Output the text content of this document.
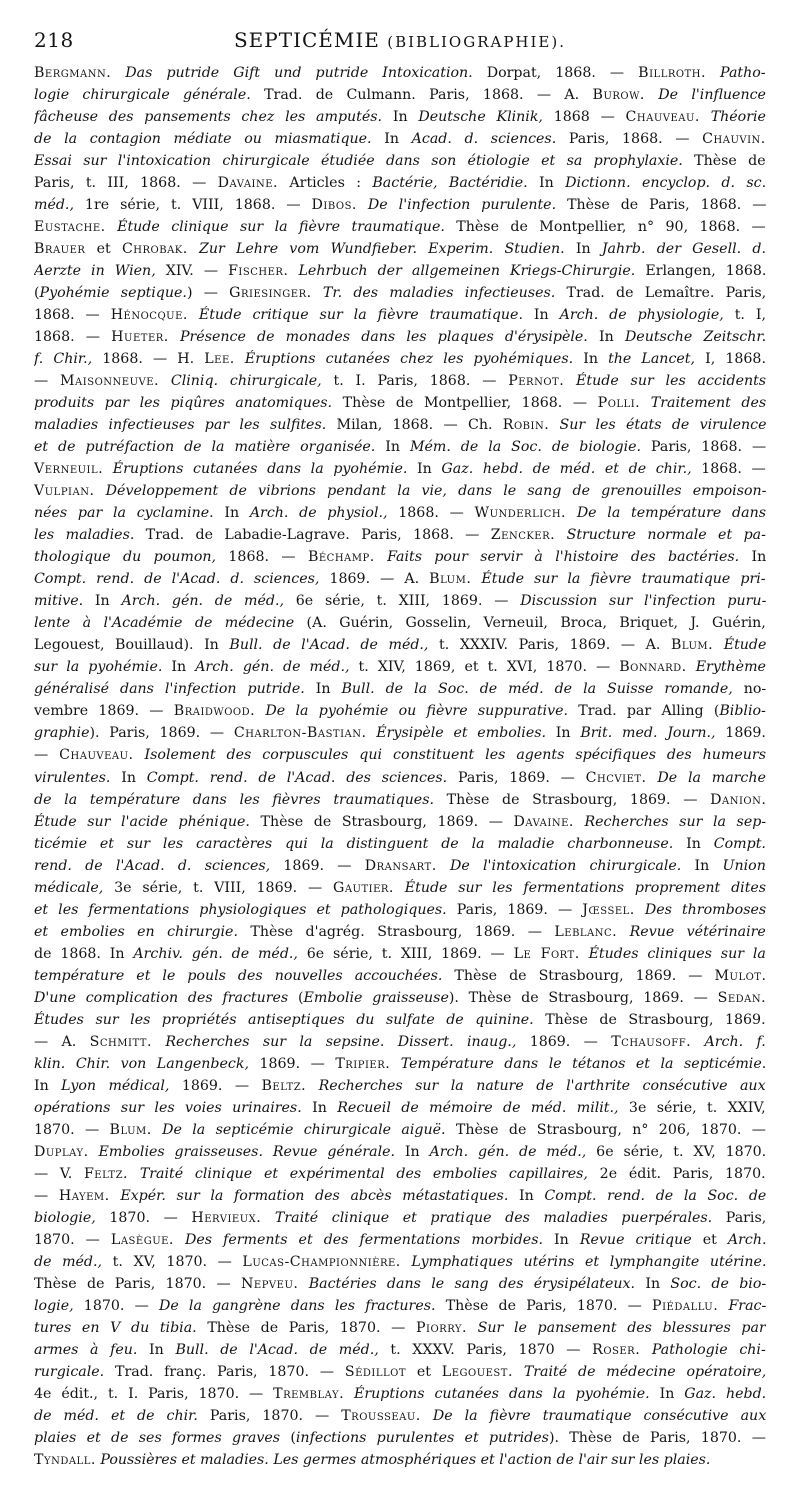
218	SEPTICÉMIE (BIBLIOGRAPHIE).
Bergmann. Das putride Gift und putride Intoxication. Dorpat, 1868. — Billroth. Patho-
logie chirurgicale générale. Trad. de Culmann. Paris, 1868. — A. Burow. De l'influence
fâcheuse des pansements chez les amputés. In Deutsche Klinik, 1868 — Chauveau. Théorie
de la contagion médiate ou miasmatique. In Acad. d. sciences. Paris, 1868. — Chauvin.
Essai sur l'intoxication chirurgicale étudiée dans son étiologie et sa prophylaxie. Thèse de
Paris, t. III, 1868. — Davaine. Articles : Bactérie, Bactéridie. In Dictionn. encyclop. d. sc.
méd., 1re série, t. VIII, 1868. — Dibos. De l'infection purulente. Thèse de Paris, 1868. —
Eustache. Étude clinique sur la fièvre traumatique. Thèse de Montpellier, n° 90, 1868. —
Brauer et Chrobak. Zur Lehre vom Wundfieber. Experim. Studien. In Jahrb. der Gesell. d.
Aerzte in Wien, XIV. — Fischer. Lehrbuch der allgemeinen Kriegs-Chirurgie. Erlangen, 1868.
(Pyohémie septique.) — Griesinger. Tr. des maladies infectieuses. Trad. de Lemaître. Paris,
1868. — Hénocque. Étude critique sur la fièvre traumatique. In Arch. de physiologie, t. I,
1868. — Hueter. Présence de monades dans les plaques d'érysipèle. In Deutsche Zeitschr.
f. Chir., 1868. — H. Lee. Éruptions cutanées chez les pyohémiques. In the Lancet, I, 1868.
— Maisonneuve. Cliniq. chirurgicale, t. I. Paris, 1868. — Pernot. Étude sur les accidents
produits par les piqûres anatomiques. Thèse de Montpellier, 1868. — Polli. Traitement des
maladies infectieuses par les sulfites. Milan, 1868. — Ch. Robin. Sur les états de virulence
et de putréfaction de la matière organisée. In Mém. de la Soc. de biologie. Paris, 1868. —
Verneuil. Éruptions cutanées dans la pyohémie. In Gaz. hebd. de méd. et de chir., 1868. —
Vulpian. Développement de vibrions pendant la vie, dans le sang de grenouilles empoison-
nées par la cyclamine. In Arch. de physiol., 1868. — Wunderlich. De la température dans
les maladies. Trad. de Labadie-Lagrave. Paris, 1868. — Zencker. Structure normale et pa-
thologique du poumon, 1868. — Béchamp. Faits pour servir à l'histoire des bactéries. In
Compt. rend. de l'Acad. d. sciences, 1869. — A. Blum. Étude sur la fièvre traumatique pri-
mitive. In Arch. gén. de méd., 6e série, t. XIII, 1869. — Discussion sur l'infection puru-
lente à l'Académie de médecine (A. Guérin, Gosselin, Verneuil, Broca, Briquet, J. Guérin,
Legouest, Bouillaud). In Bull. de l'Acad. de méd., t. XXXIV. Paris, 1869. — A. Blum. Étude
sur la pyohémie. In Arch. gén. de méd., t. XIV, 1869, et t. XVI, 1870. — Bonnard. Erythème
généralisé dans l'infection putride. In Bull. de la Soc. de méd. de la Suisse romande, no-
vembre 1869. — Braidwood. De la pyohémie ou fièvre suppurative. Trad. par Alling (Biblio-
graphie). Paris, 1869. — Charlton-Bastian. Érysipèle et embolies. In Brit. med. Journ., 1869.
— Chauveau. Isolement des corpuscules qui constituent les agents spécifiques des humeurs
virulentes. In Compt. rend. de l'Acad. des sciences. Paris, 1869. — Chcviet. De la marche
de la température dans les fièvres traumatiques. Thèse de Strasbourg, 1869. — Danion.
Étude sur l'acide phénique. Thèse de Strasbourg, 1869. — Davaine. Recherches sur la sep-
ticémie et sur les caractères qui la distinguent de la maladie charbonneuse. In Compt.
rend. de l'Acad. d. sciences, 1869. — Dransart. De l'intoxication chirurgicale. In Union
médicale, 3e série, t. VIII, 1869. — Gautier. Étude sur les fermentations proprement dites
et les fermentations physiologiques et pathologiques. Paris, 1869. — Jœssel. Des thromboses
et embolies en chirurgie. Thèse d'agrég. Strasbourg, 1869. — Leblanc. Revue vétérinaire
de 1868. In Archiv. gén. de méd., 6e série, t. XIII, 1869. — Le Fort. Études cliniques sur la
température et le pouls des nouvelles accouchées. Thèse de Strasbourg, 1869. — Mulot.
D'une complication des fractures (Embolie graisseuse). Thèse de Strasbourg, 1869. — Sedan.
Études sur les propriétés antiseptiques du sulfate de quinine. Thèse de Strasbourg, 1869.
— A. Schmitt. Recherches sur la sepsine. Dissert. inaug., 1869. — Tchausoff. Arch. f.
klin. Chir. von Langenbeck, 1869. — Tripier. Température dans le tétanos et la septicémie.
In Lyon médical, 1869. — Beltz. Recherches sur la nature de l'arthrite consécutive aux
opérations sur les voies urinaires. In Recueil de mémoire de méd. milit., 3e série, t. XXIV,
1870. — Blum. De la septicémie chirurgicale aiguë. Thèse de Strasbourg, n° 206, 1870. —
Duplay. Embolies graisseuses. Revue générale. In Arch. gén. de méd., 6e série, t. XV, 1870.
— V. Feltz. Traité clinique et expérimental des embolies capillaires, 2e édit. Paris, 1870.
— Hayem. Expér. sur la formation des abcès métastatiques. In Compt. rend. de la Soc. de
biologie, 1870. — Hervieux. Traité clinique et pratique des maladies puerpérales. Paris,
1870. — Lasègue. Des ferments et des fermentations morbides. In Revue critique et Arch.
de méd., t. XV, 1870. — Lucas-Championnière. Lymphatiques utérins et lymphangite utérine.
Thèse de Paris, 1870. — Nepveu. Bactéries dans le sang des érysipélateux. In Soc. de bio-
logie, 1870. — De la gangrène dans les fractures. Thèse de Paris, 1870. — Piédallu. Frac-
tures en V du tibia. Thèse de Paris, 1870. — Piorry. Sur le pansement des blessures par
armes à feu. In Bull. de l'Acad. de méd., t. XXXV. Paris, 1870 — Roser. Pathologie chi-
rurgicale. Trad. franç. Paris, 1870. — Sédillot et Legouest. Traité de médecine opératoire,
4e édit., t. I. Paris, 1870. — Tremblay. Éruptions cutanées dans la pyohémie. In Gaz. hebd.
de méd. et de chir. Paris, 1870. — Trousseau. De la fièvre traumatique consécutive aux
plaies et de ses formes graves (infections purulentes et putrides). Thèse de Paris, 1870. —
Tyndall. Poussières et maladies. Les germes atmosphériques et l'action de l'air sur les plaies.
